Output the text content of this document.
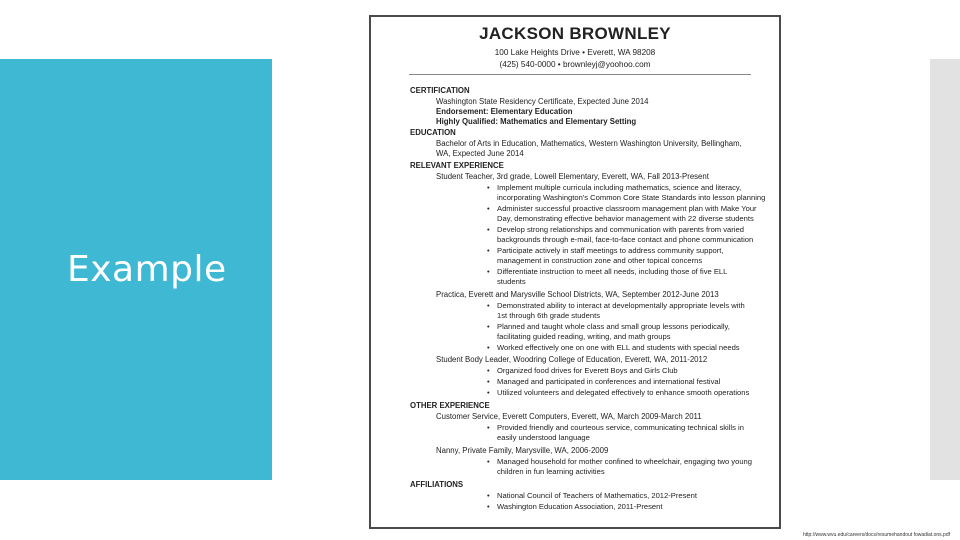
Example
JACKSON BROWNLEY
100 Lake Heights Drive • Everett, WA 98208
(425) 540-0000 • brownleyj@yoohoo.com
CERTIFICATION
Washington State Residency Certificate, Expected June 2014
Endorsement: Elementary Education
Highly Qualified: Mathematics and Elementary Setting
EDUCATION
Bachelor of Arts in Education, Mathematics, Western Washington University, Bellingham,
WA, Expected June 2014
RELEVANT EXPERIENCE
Student Teacher, 3rd grade, Lowell Elementary, Everett, WA, Fall 2013-Present
• Implement multiple curricula including mathematics, science and literacy,
incorporating Washington's Common Core State Standards into lesson planning
• Administer successful proactive classroom management plan with Make Your
Day, demonstrating effective behavior management with 22 diverse students
• Develop strong relationships and communication with parents from varied
backgrounds through e-mail, face-to-face contact and phone communication
• Participate actively in staff meetings to address community support,
management in construction zone and other topical concerns
• Differentiate instruction to meet all needs, including those of five ELL
students
Practica, Everett and Marysville School Districts, WA, September 2012-June 2013
• Demonstrated ability to interact at developmentally appropriate levels with
1st through 6th grade students
• Planned and taught whole class and small group lessons periodically,
facilitating guided reading, writing, and math groups
• Worked effectively one on one with ELL and students with special needs
Student Body Leader, Woodring College of Education, Everett, WA, 2011-2012
• Organized food drives for Everett Boys and Girls Club
• Managed and participated in conferences and international festival
• Utilized volunteers and delegated effectively to enhance smooth operations
OTHER EXPERIENCE
Customer Service, Everett Computers, Everett, WA, March 2009-March 2011
• Provided friendly and courteous service, communicating technical skills in
easily understood language
Nanny, Private Family, Marysville, WA, 2006-2009
• Managed household for mother confined to wheelchair, engaging two young
children in fun learning activities
AFFILIATIONS
• National Council of Teachers of Mathematics, 2012-Present
• Washington Education Association, 2011-Present
http://www.wvu.edu/careers/docs/resumehandout fowadiat.ons.pdf
